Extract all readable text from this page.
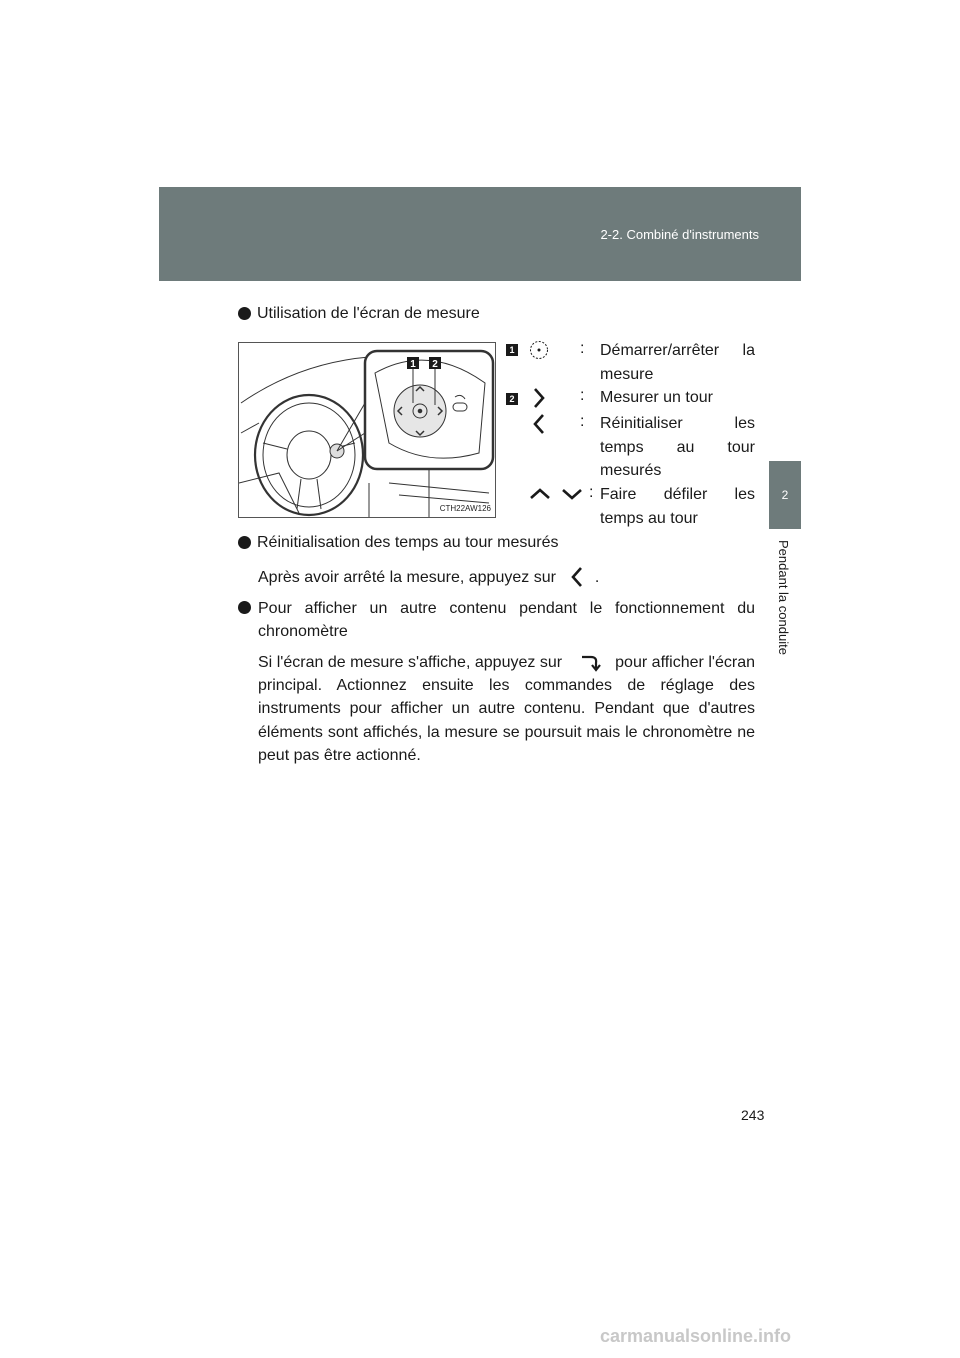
2-2. Combiné d'instruments
2
Pendant la conduite
Utilisation de l'écran de mesure
1 2
CTH22AW126
1	: Démarrer/arrêter la mesure
2	: Mesurer un tour
: Réinitialiser les temps au tour mesurés
: Faire défiler les temps au tour
Réinitialisation des temps au tour mesurés
Après avoir arrêté la mesure, appuyez sur .
Pour afficher un autre contenu pendant le fonctionnement du chronomètre
Si l'écran de mesure s'affiche, appuyez sur	pour afficher l'écran principal. Actionnez ensuite les commandes de réglage des instruments pour afficher un autre contenu. Pendant que d'autres éléments sont affichés, la mesure se poursuit mais le chronomètre ne peut pas être actionné.
243
carmanualsonline.info
